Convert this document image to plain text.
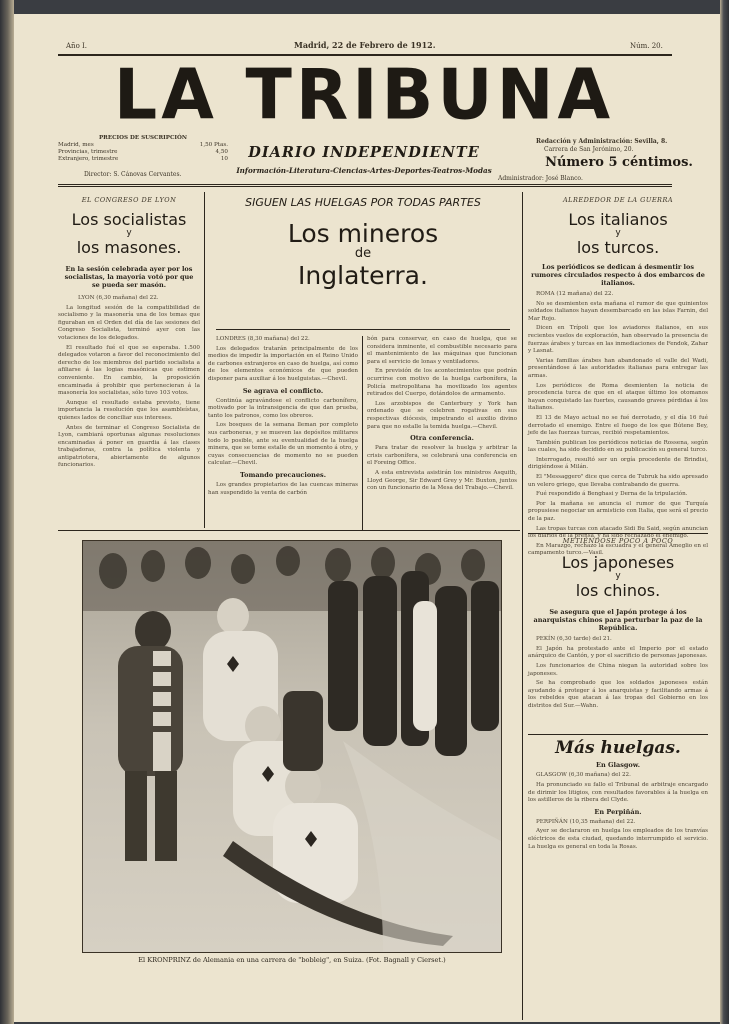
Año I.	Madrid, 22 de Febrero de 1912.	Núm. 20.
LA TRIBUNA
PRECIOS DE SUSCRIPCIÓN
Madrid, mes	1,50 Ptas.
Provincias, trimestre	4,50
Extranjero, trimestre	10
Director: S. Cánovas Cervantes.
DIARIO INDEPENDIENTE
Información-Literatura-Ciencias-Artes-Deportes-Teatros-Modas
Redacción y Administración: Sevilla, 8.
Carrera de San Jerónimo, 20.
Número 5 céntimos.
Administrador: José Blanco.
EL CONGRESO DE LYON
Los socialistas
y
los masones.
En la sesión celebrada ayer por los socialistas, la mayoría votó por que se pueda ser masón.
LYON (6,30 mañana) del 22.
La longitud sesión de la compatibilidad de socialismo y la masonería una de los temas que figuraban en el Orden del día de las sesiones del Congreso Socialista, terminó ayer con las votaciones de los delegados.
El resultado fué el que se esperaba. 1.500 delegados votaron a favor del reconocimiento del derecho de los miembros del partido socialista a afiliarse á las logias masónicas que estimen conveniente. En cambio, la proposición encaminada á prohibir que pertenecieran á la masonería los socialistas, sólo tuvo 103 votos.
Aunque el resultado estaba previsto, tiene importancia la resolución que los asambleístas, quienes lados de conciliar sus intereses.
Antes de terminar el Congreso Socialista de Lyon, cambiará oportunas algunas resoluciones encaminadas á poner en guardia á las clases trabajadoras, contra la política violenta y antipatriotera, abiertamente de algunos funcionarios.
SIGUEN LAS HUELGAS POR TODAS PARTES
Los mineros
de
Inglaterra.
LONDRES (8,30 mañana) del 22.
Los delegados tratarán principalmente de los medios de impedir la importación en el Reino Unido de carbones extranjeros en caso de huelga, así como de los elementos económicos de que pueden disponer para auxiliar á los huelguistas.—Chevil.
Se agrava el conflicto.
Continúa agravándose el conflicto carbonífero, motivado por la intransigencia de que dan prueba, tanto los patronos, como los obreros.
Los bosques de la semana lleman por completo sus carboneras, y se mueven las depósitos militares todo lo posible, ante su eventualidad de la huelga minera, que se teme estalle de un momento á otro, y cuyas consecuencias de momento no se pueden calcular.—Chevil.
Tomando precauciones.
Los grandes propietarios de las cuencas mineras han suspendido la venta de carbón
bón para conservar, en caso de huelga, que se considera inminente, el combustible necesario para el mantenimiento de las máquinas que funcionan para el servicio de lonas y ventiladores.
En previsión de los acontecimientos que podrán ocurrirse con motivo de la huelga carbonífera, la Policía metropolitana ha movilizado los agentes retirados del Cuerpo, dotándolos de armamento.
Los arzobispos de Canterbury y York han ordenado que se celebren rogativas en sus respectivas diócesis, impetrando el auxilio divino para que no estalle la temida huelga.—Chevil.
Otra conferencia.
Para tratar de resolver la huelga y arbitrar la crisis carbonífera, se celebrará una conferencia en el Foreing Office.
A esta entrevista asistirán los ministros Asquith, Lloyd George, Sir Edward Grey y Mr. Buxton, juntos con un funcionario de la Mesa del Trabajo.—Chevil.
El KRONPRINZ de Alemania en una carrera de "bobleig", en Suiza. (Fot. Bagnall y Cierset.)
ALREDEDOR DE LA GUERRA
Los italianos
y
los turcos.
Los periódicos se dedican á desmentir los rumores circulados respecto á dos embarcos de italianos.
ROMA (12 mañana) del 22.
No se desmienten esta mañana el rumor de que quinientos soldados italianos hayan desembarcado en las islas Farnin, del Mar Rojo.
Dicen en Trípoli que los aviadores italianos, en sus recientes vuelos de exploración, han observado la presencia de fuerzas árabes y turcas en las inmediaciones de Fendok, Zahar y Lasnat.
Varias familias árabes han abandonado el valle del Wadi, presentándose á las autoridades italianas para entregar las armas.
Los periódicos de Roma desmienten la noticia de procedencia turca de que en el ataque último los otomanos hayan conquistado las fuertes, causando graves pérdidas á los italianos.
El 13 de Mayo actual no se fué derrotado, y el día 16 fué derrotado el enemigo. Entre el fuego de los que Bútene Bey, jefe de las fuerzas turcas, recibió respetamientos.
También publican los periódicos noticias de Rossena, según las cuales, ha sido decidido en su publicación su general turco.
Interrogado, resultó ser un orgía procedente de Brindisi, dirigiéndose á Milán.
El "Messaggero" dice que cerca de Tubruk ha sido apresado un velero griego, que llevaba contrabando de guerra.
Fué respondido á Benghasi y Derna de la tripulación.
Por la mañana se anuncia el rumor de que Turquía propusiese negociar un armisticio con Italia, que será el precio de la paz.
Las tropas turcas con atacado Sidi Bu Said, según anuncian los diarios de la prensa, y ha sido rechazado el enemigo.
En Marazgo, rechazo la escuadra y el general Ameglio en el campamento turco.—Vasil.
METIÉNDOSE POCO A POCO
Los japoneses
y
los chinos.
Se asegura que el Japón protege á los anarquistas chinos para perturbar la paz de la República.
PEKÍN (6,30 tarde) del 21.
El Japón ha protestado ante el Imperio por el estado anárquico de Cantón, y por el sacrificio de personas japonesas.
Los funcionarios de China niegan la autoridad sobre los japoneses.
Se ha comprobado que los soldados japoneses están ayudando á proteger á los anarquistas y facilitando armas á los rebeldes que atacan á las tropas del Gobierno en los distritos del Sur.—Wahn.
Más huelgas.
En Glasgow.
GLASGOW (6,30 mañana) del 22.
Ha pronunciado su fallo el Tribunal de arbitraje encargado de dirimir los litigios, con resultados favorables á la huelga en los astilleros de la ribera del Clyde.
En Perpiñán.
PERPIÑÁN (10,35 mañana) del 22.
Ayer se declararon en huelga los empleados de los tranvías eléctricos de esta ciudad, quedando interrumpido el servicio. La huelga es general en toda la Rosas.
